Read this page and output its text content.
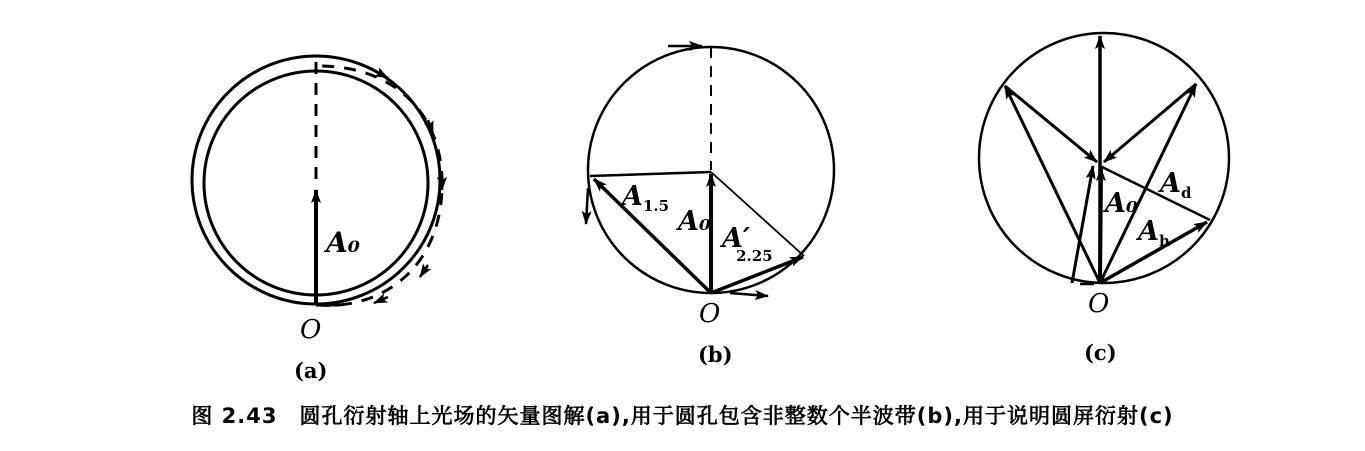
A₀
O
(a)
$A_{1.5}$ A₀
A′ 2.25
O
(b)
A₀
$A_d$
$A_h$
O
(c)
图 2.43　圆孔衍射轴上光场的矢量图解(a),用于圆孔包含非整数个半波带(b),用于说明圆屏衍射(c)
